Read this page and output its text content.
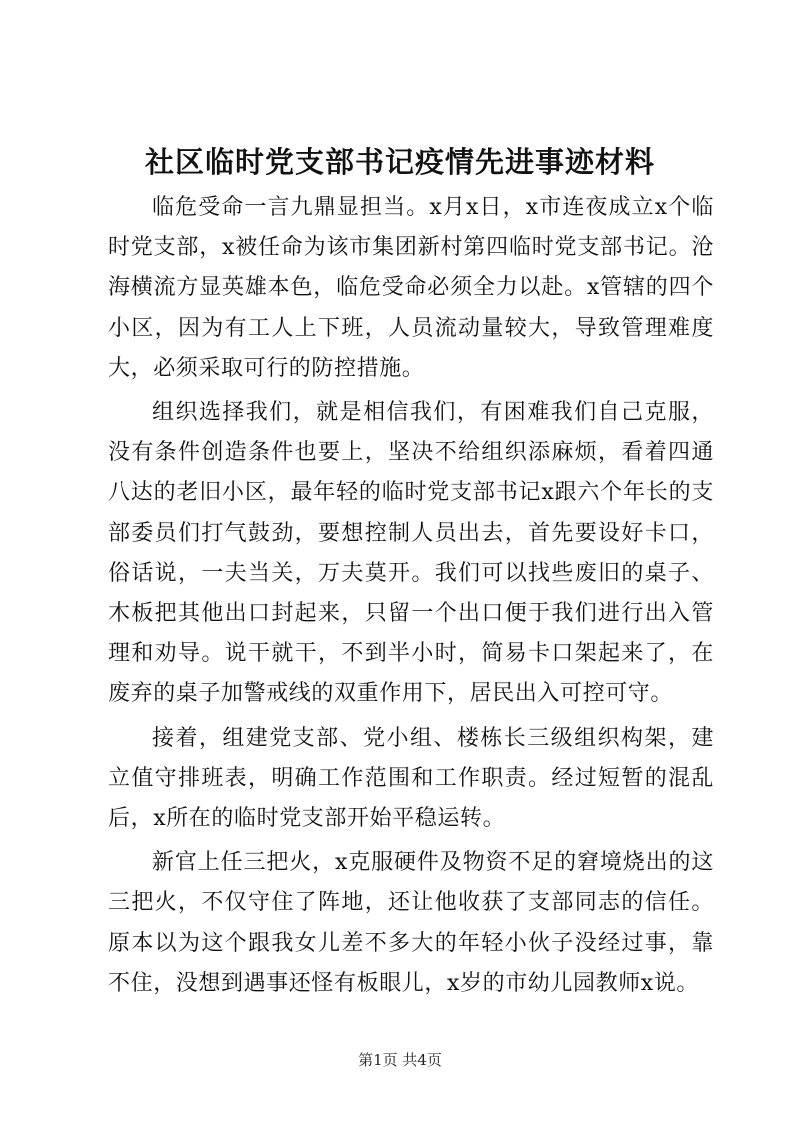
社区临时党支部书记疫情先进事迹材料

临危受命一言九鼎显担当。x月x日，x市连夜成立x个临时党支部，x被任命为该市集团新村第四临时党支部书记。沧海横流方显英雄本色，临危受命必须全力以赴。x管辖的四个小区，因为有工人上下班，人员流动量较大，导致管理难度大，必须采取可行的防控措施。

组织选择我们，就是相信我们，有困难我们自己克服，没有条件创造条件也要上，坚决不给组织添麻烦，看着四通八达的老旧小区，最年轻的临时党支部书记x跟六个年长的支部委员们打气鼓劲，要想控制人员出去，首先要设好卡口，俗话说，一夫当关，万夫莫开。我们可以找些废旧的桌子、木板把其他出口封起来，只留一个出口便于我们进行出入管理和劝导。说干就干，不到半小时，简易卡口架起来了，在废弃的桌子加警戒线的双重作用下，居民出入可控可守。

接着，组建党支部、党小组、楼栋长三级组织构架，建立值守排班表，明确工作范围和工作职责。经过短暂的混乱后，x所在的临时党支部开始平稳运转。

新官上任三把火，x克服硬件及物资不足的窘境烧出的这三把火，不仅守住了阵地，还让他收获了支部同志的信任。原本以为这个跟我女儿差不多大的年轻小伙子没经过事，靠不住，没想到遇事还怪有板眼儿，x岁的市幼儿园教师x说。

第1页 共4页
